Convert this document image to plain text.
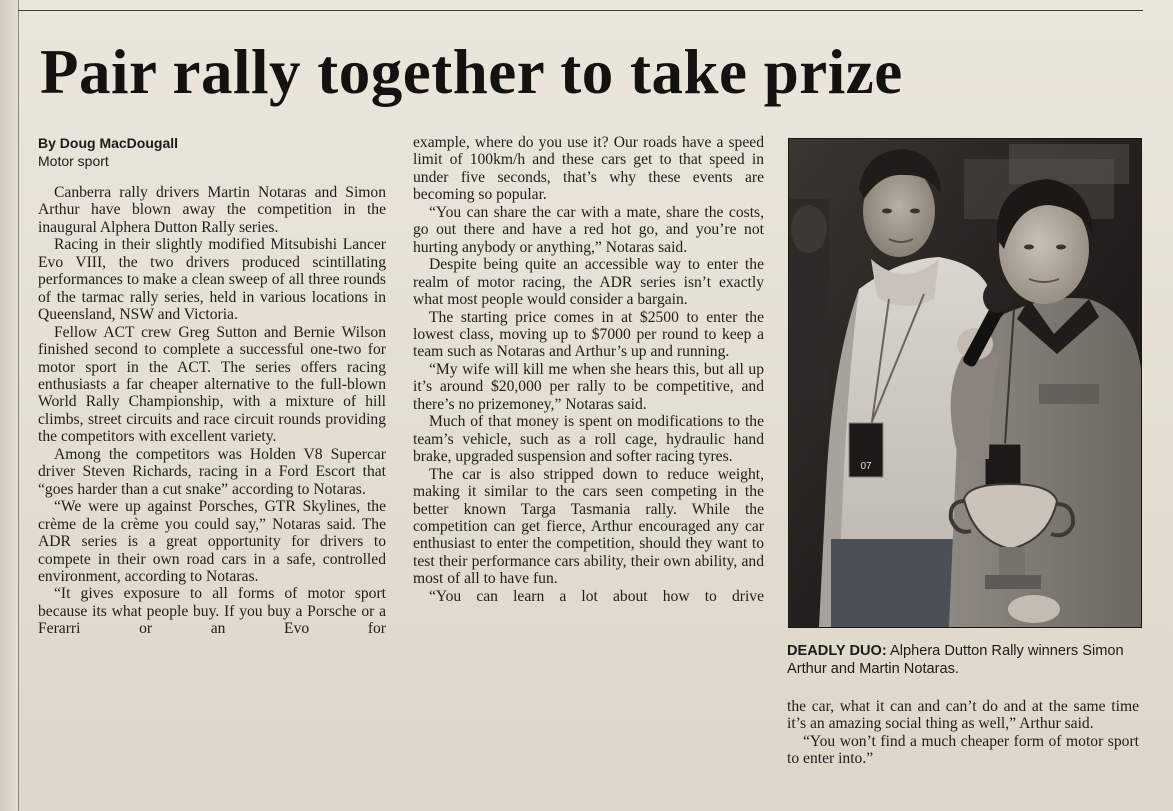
Pair rally together to take prize
By Doug MacDougall
Motor sport

Canberra rally drivers Martin Notaras and Simon Arthur have blown away the competition in the inaugural Alphera Dutton Rally series.

Racing in their slightly modified Mitsubishi Lancer Evo VIII, the two drivers produced scintillating performances to make a clean sweep of all three rounds of the tarmac rally series, held in various locations in Queensland, NSW and Victoria.

Fellow ACT crew Greg Sutton and Bernie Wilson finished second to complete a successful one-two for motor sport in the ACT. The series offers racing enthusiasts a far cheaper alternative to the full-blown World Rally Championship, with a mixture of hill climbs, street circuits and race circuit rounds providing the competitors with excellent variety.

Among the competitors was Holden V8 Supercar driver Steven Richards, racing in a Ford Escort that “goes harder than a cut snake” according to Notaras.

“We were up against Porsches, GTR Skylines, the crème de la crème you could say,” Notaras said. The ADR series is a great opportunity for drivers to compete in their own road cars in a safe, controlled environment, according to Notaras.

“It gives exposure to all forms of motor sport because its what people buy. If you buy a Porsche or a Ferarri or an Evo for

example, where do you use it? Our roads have a speed limit of 100km/h and these cars get to that speed in under five seconds, that’s why these events are becoming so popular.

“You can share the car with a mate, share the costs, go out there and have a red hot go, and you’re not hurting anybody or anything,” Notaras said.

Despite being quite an accessible way to enter the realm of motor racing, the ADR series isn’t exactly what most people would consider a bargain.

The starting price comes in at $2500 to enter the lowest class, moving up to $7000 per round to keep a team such as Notaras and Arthur’s up and running.

“My wife will kill me when she hears this, but all up it’s around $20,000 per rally to be competitive, and there’s no prizemoney,” Notaras said.

Much of that money is spent on modifications to the team’s vehicle, such as a roll cage, hydraulic hand brake, upgraded suspension and softer racing tyres.

The car is also stripped down to reduce weight, making it similar to the cars seen competing in the better known Targa Tasmania rally. While the competition can get fierce, Arthur encouraged any car enthusiast to enter the competition, should they want to test their performance cars ability, their own ability, and most of all to have fun.

“You can learn a lot about how to drive

07
DEADLY DUO: Alphera Dutton Rally winners Simon Arthur and Martin Notaras.

the car, what it can and can’t do and at the same time it’s an amazing social thing as well,” Arthur said.

“You won’t find a much cheaper form of motor sport to enter into.”
